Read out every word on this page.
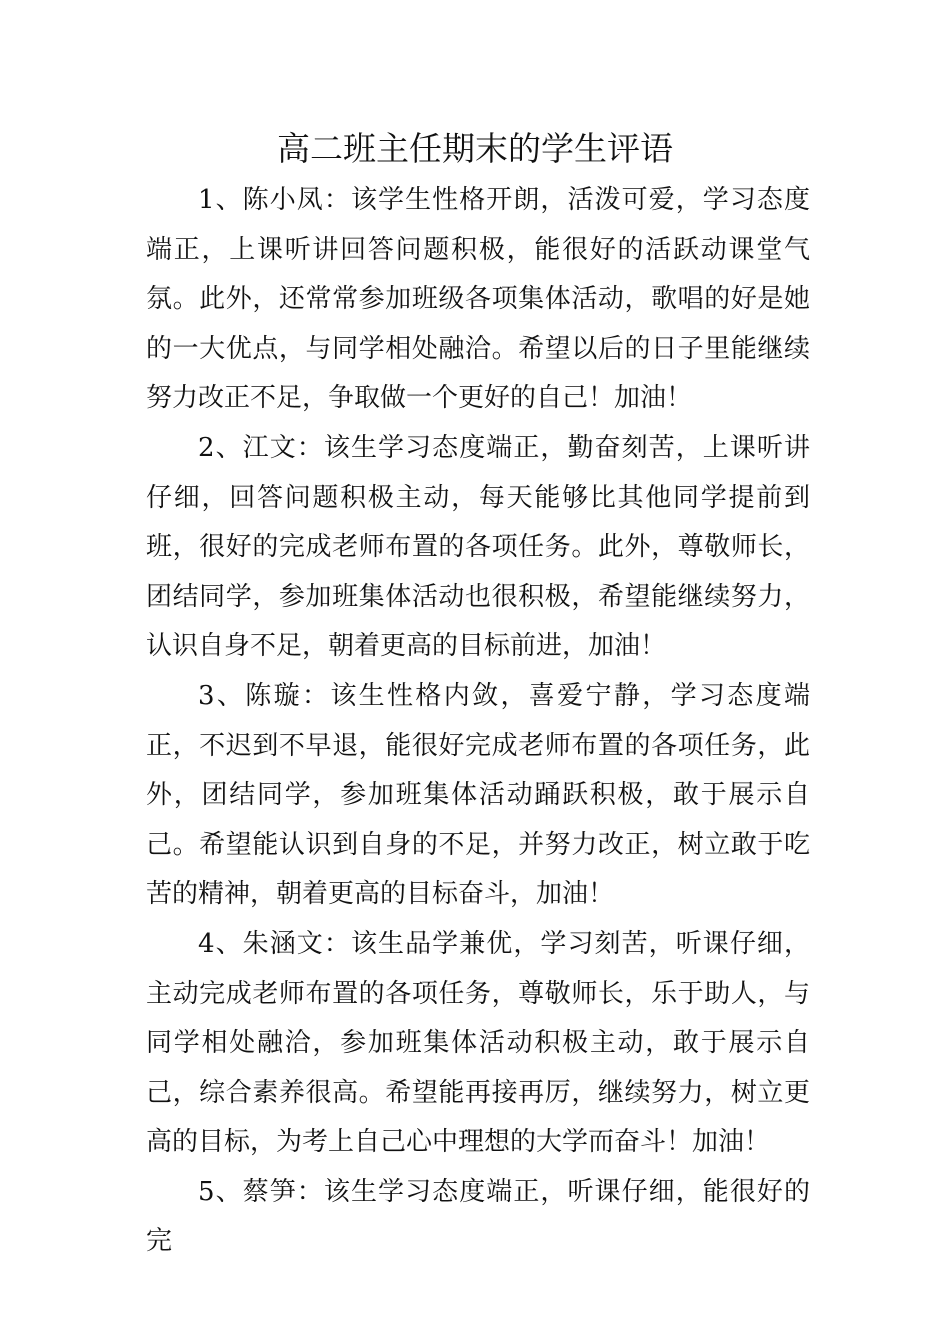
高二班主任期末的学生评语

1、陈小凤：该学生性格开朗，活泼可爱，学习态度端正，上课听讲回答问题积极，能很好的活跃动课堂气氛。此外，还常常参加班级各项集体活动，歌唱的好是她的一大优点，与同学相处融洽。希望以后的日子里能继续努力改正不足，争取做一个更好的自己！加油！

2、江文：该生学习态度端正，勤奋刻苦，上课听讲仔细，回答问题积极主动，每天能够比其他同学提前到班，很好的完成老师布置的各项任务。此外，尊敬师长，团结同学，参加班集体活动也很积极，希望能继续努力，认识自身不足，朝着更高的目标前进，加油！

3、陈璇：该生性格内敛，喜爱宁静，学习态度端正，不迟到不早退，能很好完成老师布置的各项任务，此外，团结同学，参加班集体活动踊跃积极，敢于展示自己。希望能认识到自身的不足，并努力改正，树立敢于吃苦的精神，朝着更高的目标奋斗，加油！

4、朱涵文：该生品学兼优，学习刻苦，听课仔细，主动完成老师布置的各项任务，尊敬师长，乐于助人，与同学相处融洽，参加班集体活动积极主动，敢于展示自己，综合素养很高。希望能再接再厉，继续努力，树立更高的目标，为考上自己心中理想的大学而奋斗！加油！

5、蔡笋：该生学习态度端正，听课仔细，能很好的完
